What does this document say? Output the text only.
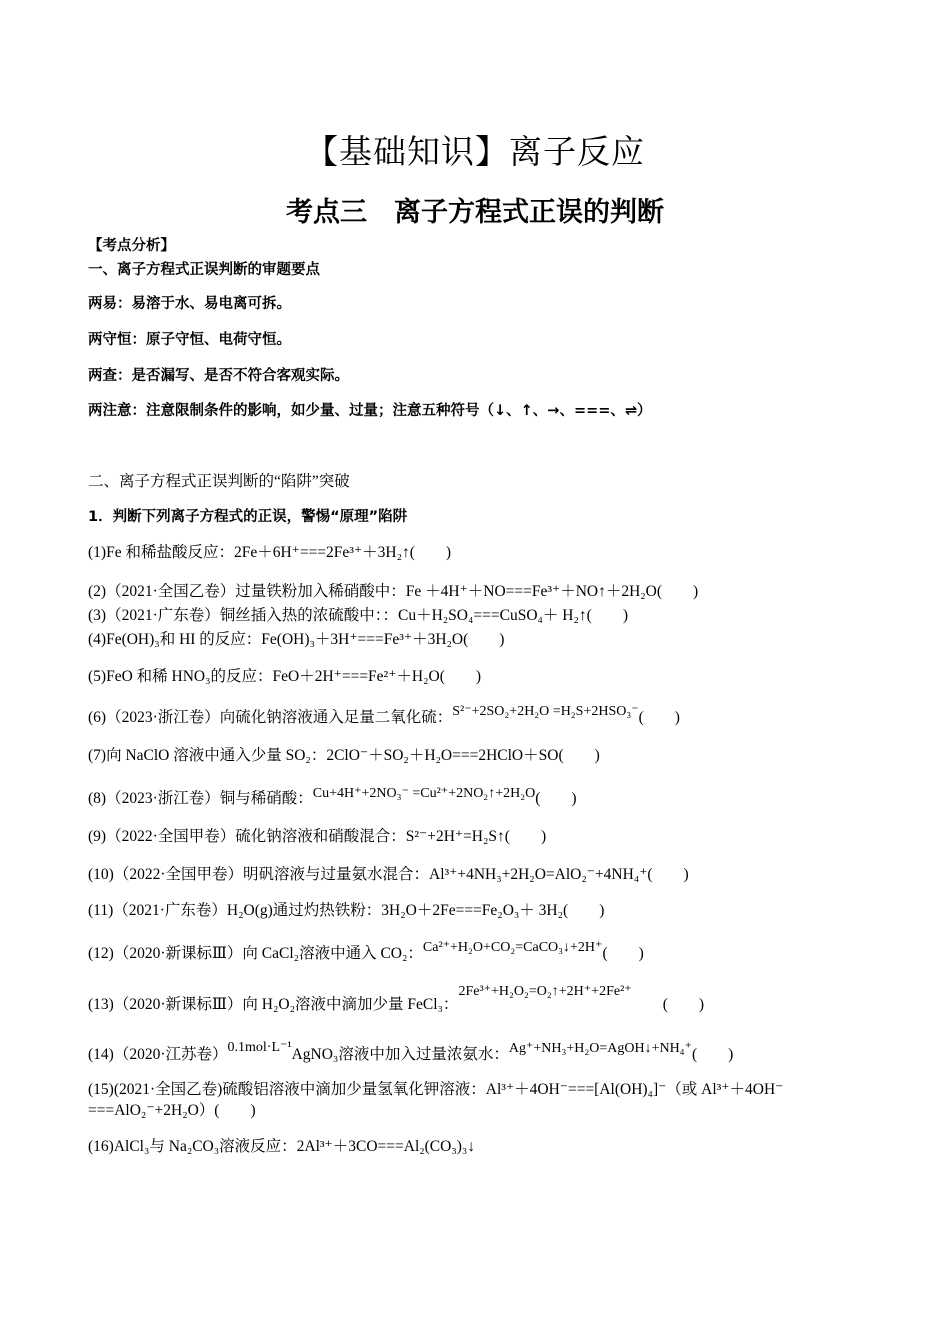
【基础知识】离子反应
考点三　离子方程式正误的判断
【考点分析】
一、离子方程式正误判断的审题要点
两易：易溶于水、易电离可拆。
两守恒：原子守恒、电荷守恒。
两查：是否漏写、是否不符合客观实际。
两注意：注意限制条件的影响，如少量、过量；注意五种符号（↓、↑、→、===、⇌）
二、离子方程式正误判断的“陷阱”突破
1．判断下列离子方程式的正误，警惕“原理”陷阱
(1)Fe 和稀盐酸反应：2Fe＋6H⁺===2Fe³⁺＋3H₂↑(　　)
(2)（2021·全国乙卷）过量铁粉加入稀硝酸中：Fe ＋4H⁺＋NO===Fe³⁺＋NO↑＋2H₂O(　　)
(3)（2021·广东卷）铜丝插入热的浓硫酸中：：Cu＋H₂SO₄===CuSO₄＋ H₂↑(　　)
(4)Fe(OH)₃和 HI 的反应：Fe(OH)₃＋3H⁺===Fe³⁺＋3H₂O(　　)
(5)FeO 和稀 HNO₃的反应：FeO＋2H⁺===Fe²⁺＋H₂O(　　)
(6)（2023·浙江卷）向硫化钠溶液通入足量二氧化硫：S²⁻+2SO₂+2H₂O =H₂S+2HSO₃⁻(　　)
(7)向 NaClO 溶液中通入少量 SO₂：2ClO⁻＋SO₂＋H₂O===2HClO＋SO(　　)
(8)（2023·浙江卷）铜与稀硝酸：Cu+4H⁺+2NO₃⁻ =Cu²⁺+2NO₂↑+2H₂O(　　)
(9)（2022·全国甲卷）硫化钠溶液和硝酸混合：S²⁻+2H⁺=H₂S↑(　　)
(10)（2022·全国甲卷）明矾溶液与过量氨水混合：Al³⁺+4NH₃+2H₂O=AlO₂⁻+4NH₄⁺(　　)
(11)（2021·广东卷）H₂O(g)通过灼热铁粉：3H₂O＋2Fe===Fe₂O₃＋ 3H₂(　　)
(12)（2020·新课标Ⅲ）向 CaCl₂溶液中通入 CO₂：Ca²⁺+H₂O+CO₂=CaCO₃↓+2H⁺(　　)
(13)（2020·新课标Ⅲ）向 H₂O₂溶液中滴加少量 FeCl₃：2Fe³⁺+H₂O₂=O₂↑+2H⁺+2Fe²⁺　　(　　)
(14)（2020·江苏卷）0.1mol·L⁻¹AgNO₃溶液中加入过量浓氨水：Ag⁺+NH₃+H₂O=AgOH↓+NH₄⁺(　　)
(15)(2021·全国乙卷)硫酸铝溶液中滴加少量氢氧化钾溶液：Al³⁺＋4OH⁻===[Al(OH)₄]⁻（或 Al³⁺＋4OH⁻
===AlO₂⁻+2H₂O）(　　)
(16)AlCl₃与 Na₂CO₃溶液反应：2Al³⁺＋3CO===Al₂(CO₃)₃↓
